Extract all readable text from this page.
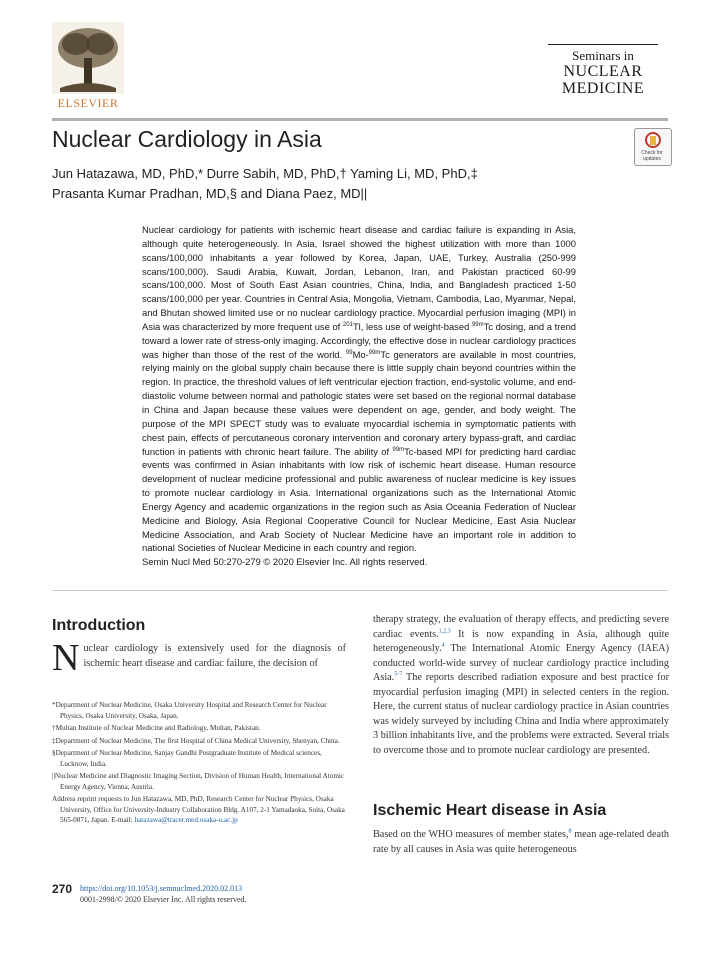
ELSEVIER
Seminars in
NUCLEAR
MEDICINE
Nuclear Cardiology in Asia
Check for updates
Jun Hatazawa, MD, PhD,* Durre Sabih, MD, PhD,† Yaming Li, MD, PhD,‡
Prasanta Kumar Pradhan, MD,§ and Diana Paez, MD||
Nuclear cardiology for patients with ischemic heart disease and cardiac failure is expanding in Asia, although quite heterogeneously. In Asia, Israel showed the highest utilization with more than 1000 scans/100,000 inhabitants a year followed by Korea, Japan, UAE, Turkey, Australia (250-999 scans/100,000). Saudi Arabia, Kuwait, Jordan, Lebanon, Iran, and Pakistan practiced 60-99 scans/100,000. Most of South East Asian countries, China, India, and Bangladesh practiced 1-50 scans/100,000 per year. Countries in Central Asia, Mongolia, Vietnam, Cambodia, Lao, Myanmar, Nepal, and Bhutan showed limited use or no nuclear cardiology practice. Myocardial perfusion imaging (MPI) in Asia was characterized by more frequent use of $^{201}$Tl, less use of weight-based $^{99m}$Tc dosing, and a trend toward a lower rate of stress-only imaging. Accordingly, the effective dose in nuclear cardiology practices was higher than those of the rest of the world. $^{99}$Mo-$^{99m}$Tc generators are available in most countries, relying mainly on the global supply chain because there is little supply chain beyond countries within the region. In practice, the threshold values of left ventricular ejection fraction, end-systolic volume, and end-diastolic volume between normal and pathologic states were set based on the regional normal database in China and Japan because these values were dependent on age, gender, and body weight. The purpose of the MPI SPECT study was to evaluate myocardial ischemia in symptomatic patients with chest pain, effects of percutaneous coronary intervention and coronary artery bypass-graft, and cardiac function in patients with chronic heart failure. The ability of $^{99m}$Tc-based MPI for predicting hard cardiac events was confirmed in Asian inhabitants with low risk of ischemic heart disease. Human resource development of nuclear medicine professional and public awareness of nuclear medicine is key issues to promote nuclear cardiology in Asia. International organizations such as the International Atomic Energy Agency and academic organizations in the region such as Asia Oceania Federation of Nuclear Medicine and Biology, Asia Regional Cooperative Council for Nuclear Medicine, East Asia Nuclear Medicine Association, and Arab Society of Nuclear Medicine have an important role in addition to national Societies of Nuclear Medicine in each country and region.
Semin Nucl Med 50:270-279 © 2020 Elsevier Inc. All rights reserved.
Introduction
Nuclear cardiology is extensively used for the diagnosis of ischemic heart disease and cardiac failure, the decision of

*Department of Nuclear Medicine, Osaka University Hospital and Research Center for Nuclear Physics, Osaka University, Osaka, Japan.

†Multan Institute of Nuclear Medicine and Radiology, Multan, Pakistan.

‡Department of Nuclear Medicine, The first Hospital of China Medical University, Shenyan, China.

§Department of Nuclear Medicine, Sanjay Gandhi Postgraduate Institute of Medical sciences, Lucknow, India.

||Nuclear Medicine and Diagnostic Imaging Section, Division of Human Health, International Atomic Energy Agency, Vienna, Austria.

Address reprint requests to Jun Hatazawa, MD, PhD, Research Center for Nuclear Physics, Osaka University, Office for University-Industry Collaboration Bldg. A107, 2-1 Yamadaoka, Suita, Osaka 565-0871, Japan. E-mail: hatazawa@tracer.med.osaka-u.ac.jp

270 https://doi.org/10.1053/j.semnuclmed.2020.02.013
0001-2998/© 2020 Elsevier Inc. All rights reserved.
therapy strategy, the evaluation of therapy effects, and predicting severe cardiac events.$^{1,2,3}$ It is now expanding in Asia, although quite heterogeneously.$^4$ The International Atomic Energy Agency (IAEA) conducted world-wide survey of nuclear cardiology practice including Asia.$^{5-7}$ The reports described radiation exposure and best practice for myocardial perfusion imaging (MPI) in selected centers in the region. Here, the current status of nuclear cardiology practice in Asian countries was widely surveyed by including China and India where approximately 3 billion inhabitants live, and the problems were extracted. Several trials to overcome those and to promote nuclear cardiology are presented.
Ischemic Heart disease in Asia
Based on the WHO measures of member states,$^8$ mean age-related death rate by all causes in Asia was quite heterogeneous
